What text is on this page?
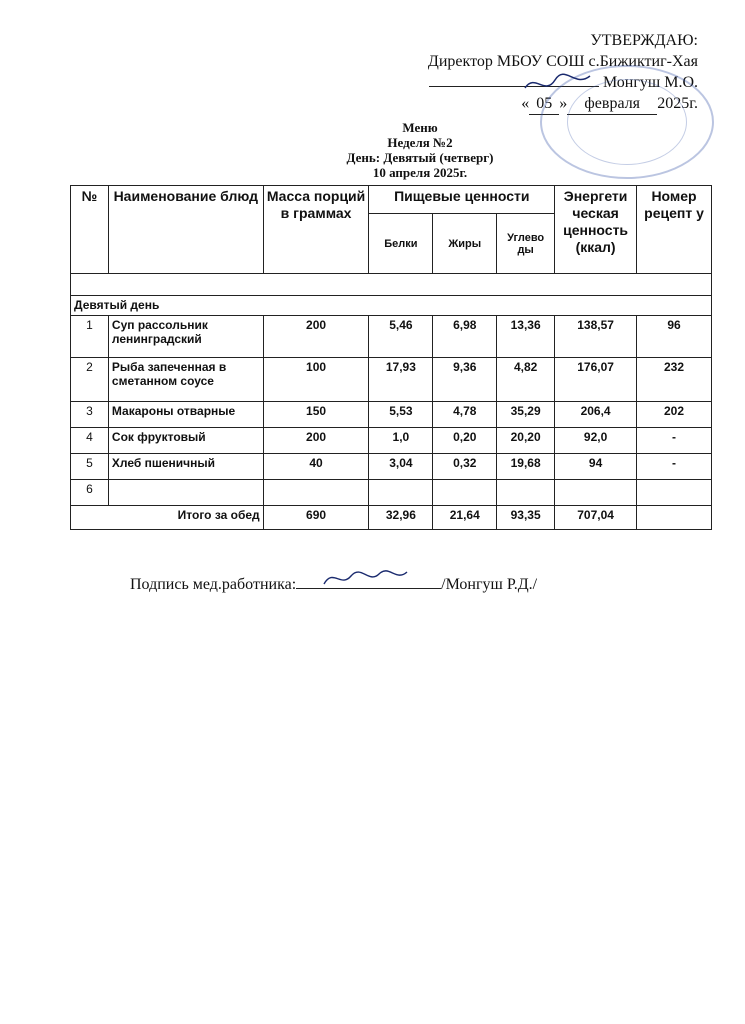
УТВЕРЖДАЮ:
Директор МБОУ СОШ с.Бижиктиг-Хая
Монгуш М.О.
« 05 » февраля 2025г.
Меню
Неделя №2
День: Девятый (четверг)
10 апреля 2025г.
№	Наименование блюд	Масса порций в граммах	Пищевые ценности			Энергети ческая ценность (ккал)	Номер рецепт у
			Белки	Жиры	Углево ды		

Девятый день							
1	Суп рассольник ленинградский	200	5,46	6,98	13,36	138,57	96
2	Рыба запеченная в сметанном соусе	100	17,93	9,36	4,82	176,07	232
3	Макароны отварные	150	5,53	4,78	35,29	206,4	202
4	Сок фруктовый	200	1,0	0,20	20,20	92,0	-
5	Хлеб пшеничный	40	3,04	0,32	19,68	94	-
6							
Итого за обед		690	32,96	21,64	93,35	707,04	
Подпись мед.работника:	/Монгуш Р.Д./
